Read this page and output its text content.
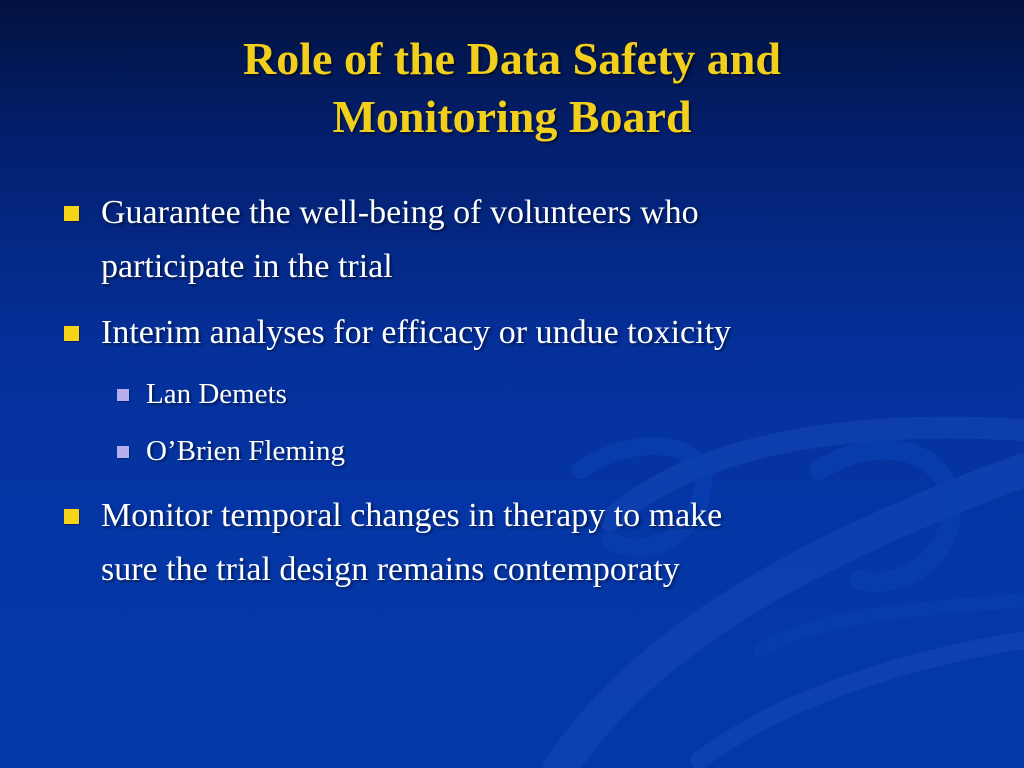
Role of the Data Safety and
Monitoring Board
Guarantee the well-being of volunteers who
participate in the trial
Interim analyses for efficacy or undue toxicity
Lan Demets
O’Brien Fleming
Monitor temporal changes in therapy to make
sure the trial design remains contemporaty
